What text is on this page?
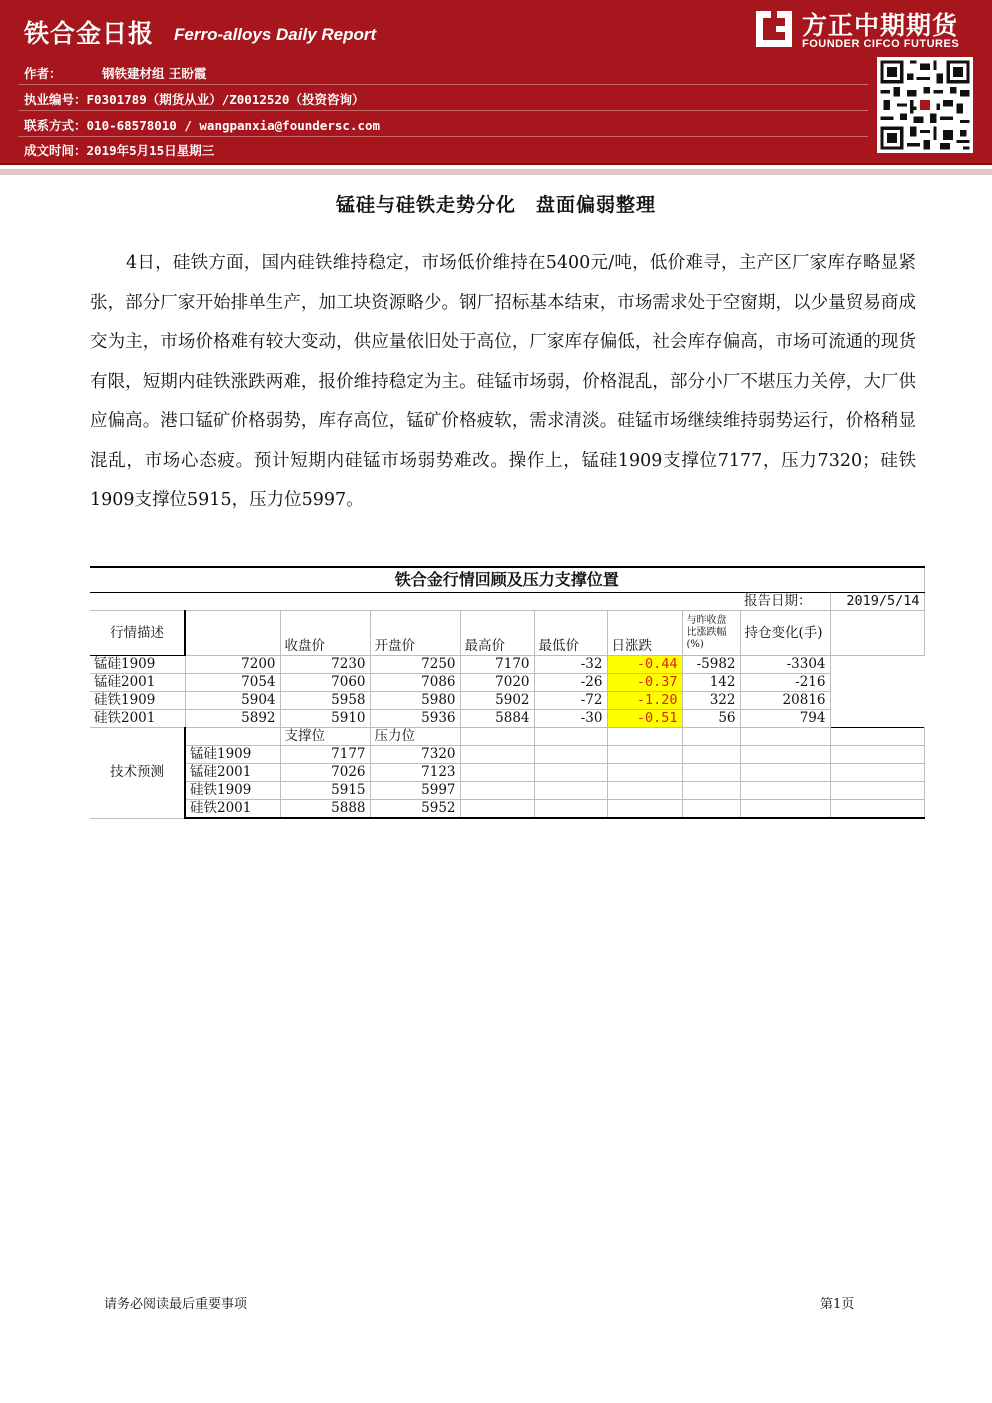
铁合金日报 Ferro-alloys Daily Report
作者：	钢铁建材组 王盼霞
执业编号：F0301789（期货从业）/Z0012520（投资咨询）
联系方式：010-68578010 / wangpanxia@foundersc.com
成文时间：2019年5月15日星期三
方正中期期货
FOUNDER CIFCO FUTURES
锰硅与硅铁走势分化　盘面偏弱整理

4日，硅铁方面，国内硅铁维持稳定，市场低价维持在5400元/吨，低价难寻，主产区厂家库存略显紧张，部分厂家开始排单生产，加工块资源略少。钢厂招标基本结束，市场需求处于空窗期，以少量贸易商成交为主，市场价格难有较大变动，供应量依旧处于高位，厂家库存偏低，社会库存偏高，市场可流通的现货有限，短期内硅铁涨跌两难，报价维持稳定为主。硅锰市场弱，价格混乱，部分小厂不堪压力关停，大厂供应偏高。港口锰矿价格弱势，库存高位，锰矿价格疲软，需求清淡。硅锰市场继续维持弱势运行，价格稍显混乱，市场心态疲。预计短期内硅锰市场弱势难改。操作上，锰硅1909支撑位7177，压力7320；硅铁1909支撑位5915，压力位5997。

铁合金行情回顾及压力支撑位置									
								报告日期：	2019/5/14
行情描述		收盘价	开盘价	最高价	最低价	日涨跌	与昨收盘比涨跌幅(%)	持仓变化(手)	
锰硅1909	7200	7230	7250	7170	-32	-0.44	-5982	-3304	
锰硅2001	7054	7060	7086	7020	-26	-0.37	142	-216	
硅铁1909	5904	5958	5980	5902	-72	-1.20	322	20816	
硅铁2001	5892	5910	5936	5884	-30	-0.51	56	794	
技术预测		支撑位	压力位						
	锰硅1909	7177	7320						
	锰硅2001	7026	7123						
	硅铁1909	5915	5997						
	硅铁2001	5888	5952						
请务必阅读最后重要事项	第1页
